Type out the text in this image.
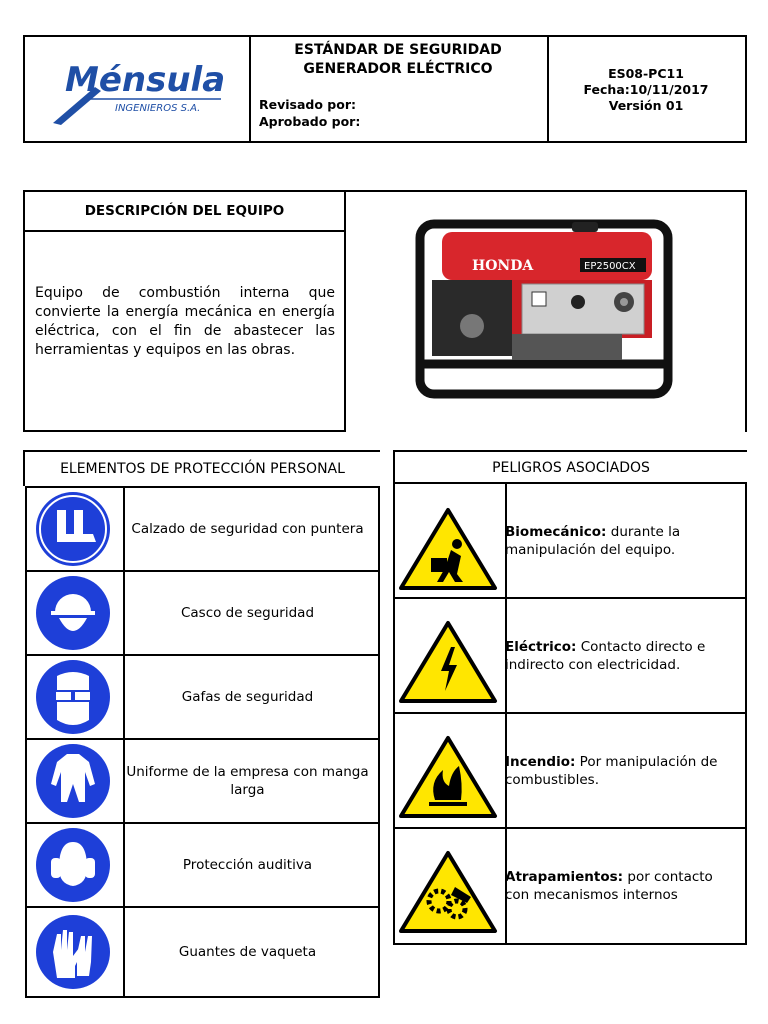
Ménsula
INGENIEROS S.A.
ESTÁNDAR DE SEGURIDAD
GENERADOR ELÉCTRICO
Revisado por:
Aprobado por:
ES08-PC11
Fecha:10/11/2017
Versión 01
DESCRIPCIÓN DEL EQUIPO
Equipo de combustión interna que convierte la energía mecánica en energía eléctrica, con el fin de abastecer las herramientas y equipos en las obras.
HONDA	EP2500CX
ELEMENTOS DE PROTECCIÓN PERSONAL
Calzado de seguridad con puntera
Casco de seguridad
Gafas de seguridad
Uniforme de la empresa con manga larga
Protección auditiva
Guantes de vaqueta
PELIGROS ASOCIADOS
Biomecánico: durante la manipulación del equipo.
Eléctrico: Contacto directo e indirecto con electricidad.
Incendio: Por manipulación de combustibles.
Atrapamientos: por contacto con mecanismos internos
